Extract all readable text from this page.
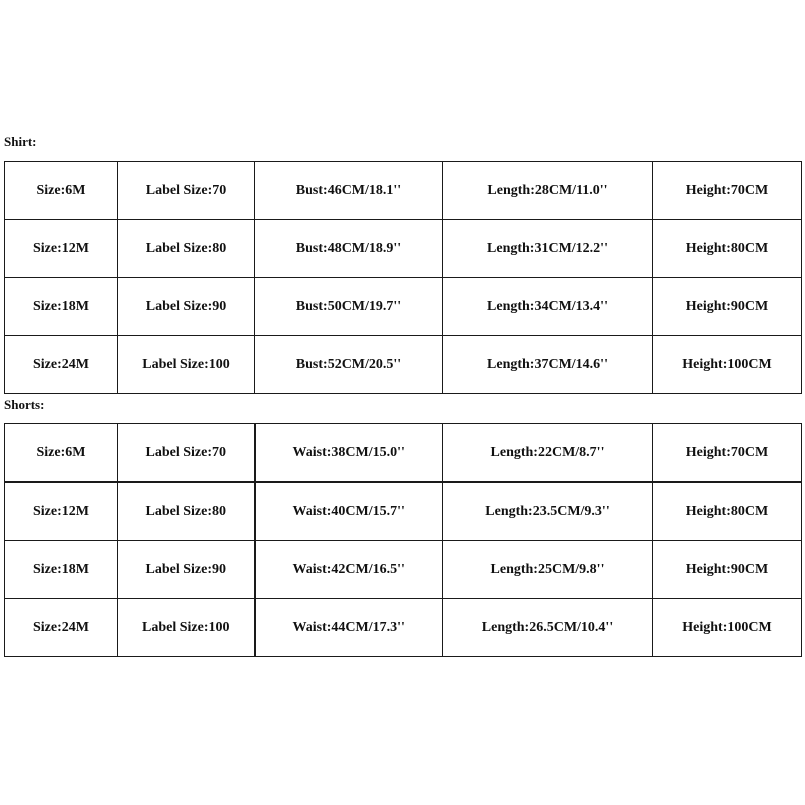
Shirt:

Size:6M	Label Size:70	Bust:46CM/18.1''	Length:28CM/11.0''	Height:70CM
Size:12M	Label Size:80	Bust:48CM/18.9''	Length:31CM/12.2''	Height:80CM
Size:18M	Label Size:90	Bust:50CM/19.7''	Length:34CM/13.4''	Height:90CM
Size:24M	Label Size:100	Bust:52CM/20.5''	Length:37CM/14.6''	Height:100CM

Shorts:

Size:6M	Label Size:70	Waist:38CM/15.0''	Length:22CM/8.7''	Height:70CM
Size:12M	Label Size:80	Waist:40CM/15.7''	Length:23.5CM/9.3''	Height:80CM
Size:18M	Label Size:90	Waist:42CM/16.5''	Length:25CM/9.8''	Height:90CM
Size:24M	Label Size:100	Waist:44CM/17.3''	Length:26.5CM/10.4''	Height:100CM
